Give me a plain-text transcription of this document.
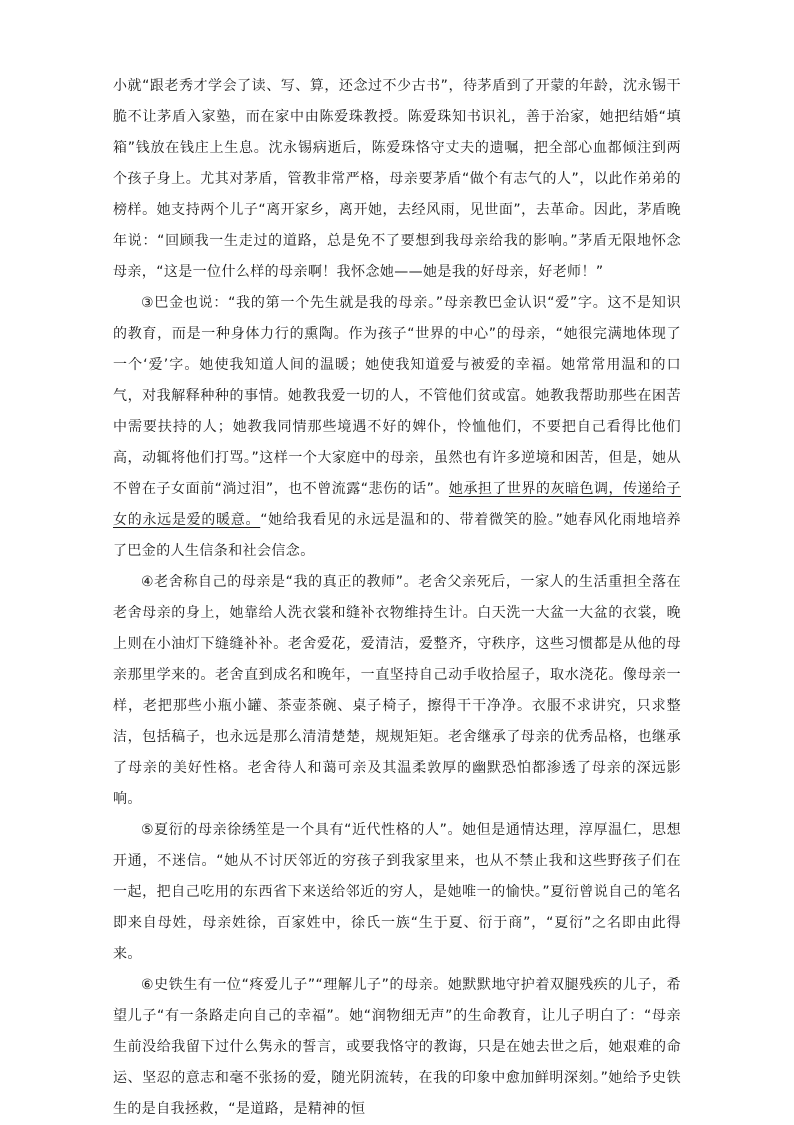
小就“跟老秀才学会了读、写、算，还念过不少古书”，待茅盾到了开蒙的年龄，沈永锡干脆不让茅盾入家塾，而在家中由陈爱珠教授。陈爱珠知书识礼，善于治家，她把结婚“填箱”钱放在钱庄上生息。沈永锡病逝后，陈爱珠恪守丈夫的遗嘱，把全部心血都倾注到两个孩子身上。尤其对茅盾，管教非常严格，母亲要茅盾“做个有志气的人”，以此作弟弟的榜样。她支持两个儿子“离开家乡，离开她，去经风雨，见世面”，去革命。因此，茅盾晚年说：“回顾我一生走过的道路，总是免不了要想到我母亲给我的影响。”茅盾无限地怀念母亲，“这是一位什么样的母亲啊！我怀念她——她是我的好母亲，好老师！”

③巴金也说：“我的第一个先生就是我的母亲。”母亲教巴金认识“爱”字。这不是知识的教育，而是一种身体力行的熏陶。作为孩子“世界的中心”的母亲，“她很完满地体现了一个‘爱’字。她使我知道人间的温暖；她使我知道爱与被爱的幸福。她常常用温和的口气，对我解释种种的事情。她教我爱一切的人，不管他们贫或富。她教我帮助那些在困苦中需要扶持的人；她教我同情那些境遇不好的婢仆，怜恤他们，不要把自己看得比他们高，动辄将他们打骂。”这样一个大家庭中的母亲，虽然也有许多逆境和困苦，但是，她从不曾在子女面前“淌过泪”，也不曾流露“悲伤的话”。她承担了世界的灰暗色调，传递给子女的永远是爱的暖意。“她给我看见的永远是温和的、带着微笑的脸。”她春风化雨地培养了巴金的人生信条和社会信念。

④老舍称自己的母亲是“我的真正的教师”。老舍父亲死后，一家人的生活重担全落在老舍母亲的身上，她靠给人洗衣裳和缝补衣物维持生计。白天洗一大盆一大盆的衣裳，晚上则在小油灯下缝缝补补。老舍爱花，爱清洁，爱整齐，守秩序，这些习惯都是从他的母亲那里学来的。老舍直到成名和晚年，一直坚持自己动手收拾屋子，取水浇花。像母亲一样，老把那些小瓶小罐、茶壶茶碗、桌子椅子，擦得干干净净。衣服不求讲究，只求整洁，包括稿子，也永远是那么清清楚楚，规规矩矩。老舍继承了母亲的优秀品格，也继承了母亲的美好性格。老舍待人和蔼可亲及其温柔敦厚的幽默恐怕都渗透了母亲的深远影响。

⑤夏衍的母亲徐绣笙是一个具有“近代性格的人”。她但是通情达理，淳厚温仁，思想开通，不迷信。“她从不讨厌邻近的穷孩子到我家里来，也从不禁止我和这些野孩子们在一起，把自己吃用的东西省下来送给邻近的穷人，是她唯一的愉快。”夏衍曾说自己的笔名即来自母姓，母亲姓徐，百家姓中，徐氏一族“生于夏、衍于商”，“夏衍”之名即由此得来。

⑥史铁生有一位“疼爱儿子”“理解儿子”的母亲。她默默地守护着双腿残疾的儿子，希望儿子“有一条路走向自己的幸福”。她“润物细无声”的生命教育，让儿子明白了：“母亲生前没给我留下过什么隽永的誓言，或要我恪守的教诲，只是在她去世之后，她艰难的命运、坚忍的意志和毫不张扬的爱，随光阴流转，在我的印象中愈加鲜明深刻。”她给予史铁生的是自我拯救，“是道路，是精神的恒
